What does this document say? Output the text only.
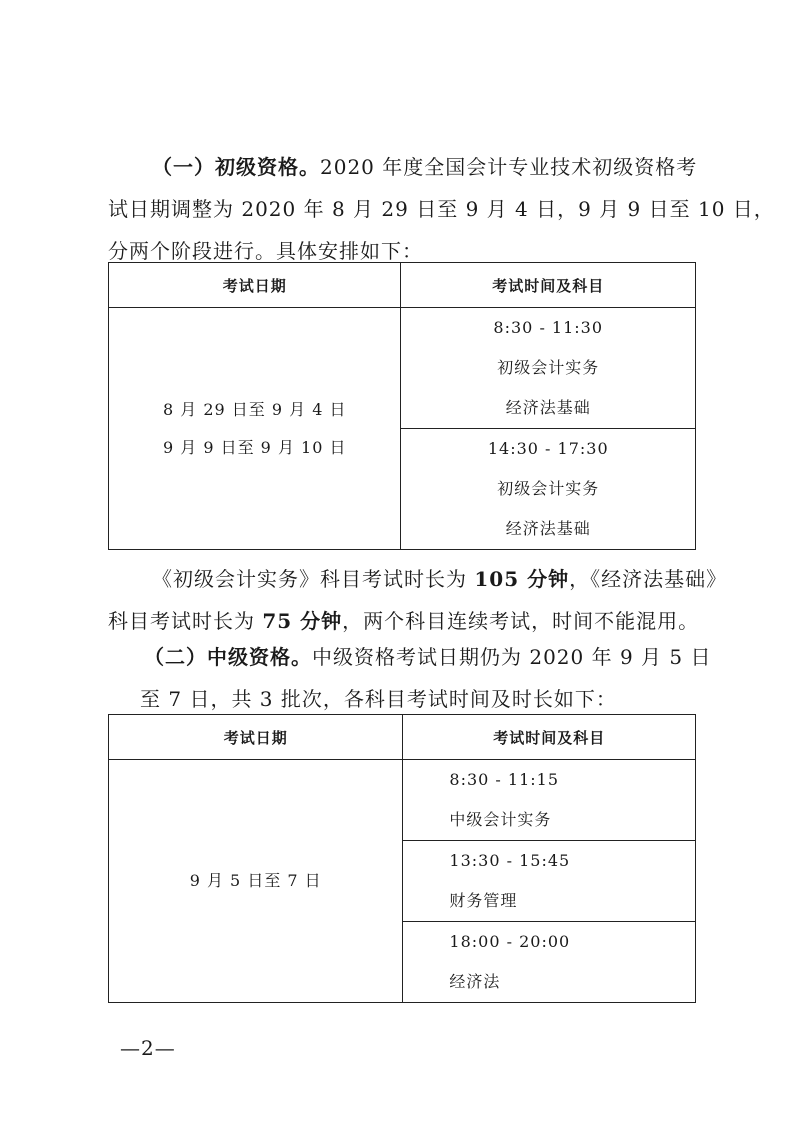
（一）初级资格。2020 年度全国会计专业技术初级资格考
试日期调整为 2020 年 8 月 29 日至 9 月 4 日，9 月 9 日至 10 日，
分两个阶段进行。具体安排如下：

考试日期	考试时间及科目

8 月 29 日至 9 月 4 日
9 月 9 日至 9 月 10 日	8:30 - 11:30
初级会计实务
经济法基础

	14:30 - 17:30
初级会计实务
经济法基础

《初级会计实务》科目考试时长为 105 分钟，《经济法基础》
科目考试时长为 75 分钟，两个科目连续考试，时间不能混用。

（二）中级资格。中级资格考试日期仍为 2020 年 9 月 5 日
至 7 日，共 3 批次，各科目考试时间及时长如下：

考试日期	考试时间及科目

9 月 5 日至 7 日	8:30 - 11:15
中级会计实务

	13:30 - 15:45
财务管理

	18:00 - 20:00
经济法
—2—
